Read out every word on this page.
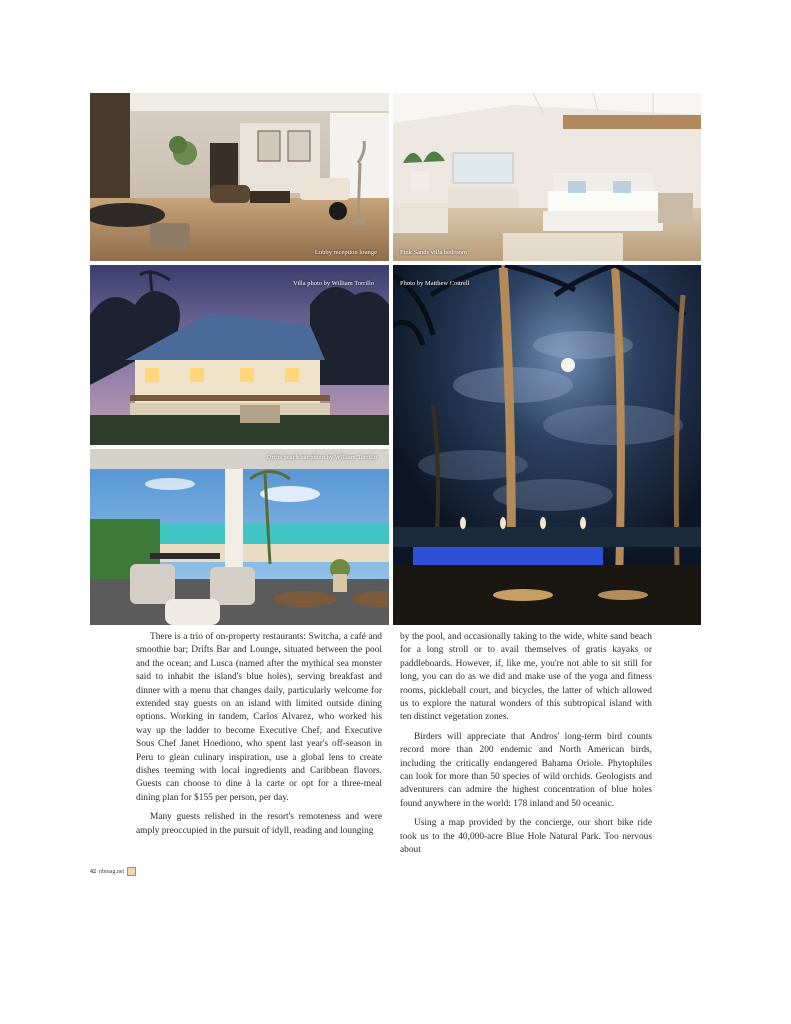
Lobby reception lounge	Pink Sands villa bedroom
Villa photo by William Torrillo	Photo by Matthew Cottrell
Drifts beach bar photo by William Torrillo

There is a trio of on-property restaurants: Switcha, a café and smoothie bar; Drifts Bar and Lounge, situated between the pool and the ocean; and Lusca (named after the mythical sea monster said to inhabit the island's blue holes), serving breakfast and dinner with a menu that changes daily, particularly welcome for extended stay guests on an island with limited outside dining options. Working in tandem, Carlos Alvarez, who worked his way up the ladder to become Executive Chef, and Executive Sous Chef Janet Hoediono, who spent last year's off-season in Peru to glean culinary inspiration, use a global lens to create dishes teeming with local ingredients and Caribbean flavors. Guests can choose to dine à la carte or opt for a three-meal dining plan for $155 per person, per day.

Many guests relished in the resort's remoteness and were amply preoccupied in the pursuit of idyll, reading and lounging

by the pool, and occasionally taking to the wide, white sand beach for a long stroll or to avail themselves of gratis kayaks or paddleboards. However, if, like me, you're not able to sit still for long, you can do as we did and make use of the yoga and fitness rooms, pickleball court, and bicycles, the latter of which allowed us to explore the natural wonders of this subtropical island with ten distinct vegetation zones.

Birders will appreciate that Andros' long-term bird counts record more than 200 endemic and North American birds, including the critically endangered Bahama Oriole. Phytophiles can look for more than 50 species of wild orchids. Geologists and adventurers can admire the highest concentration of blue holes found anywhere in the world: 178 inland and 50 oceanic.

Using a map provided by the concierge, our short bike ride took us to the 40,000-acre Blue Hole Natural Park. Too nervous about

42 nbmag.net
